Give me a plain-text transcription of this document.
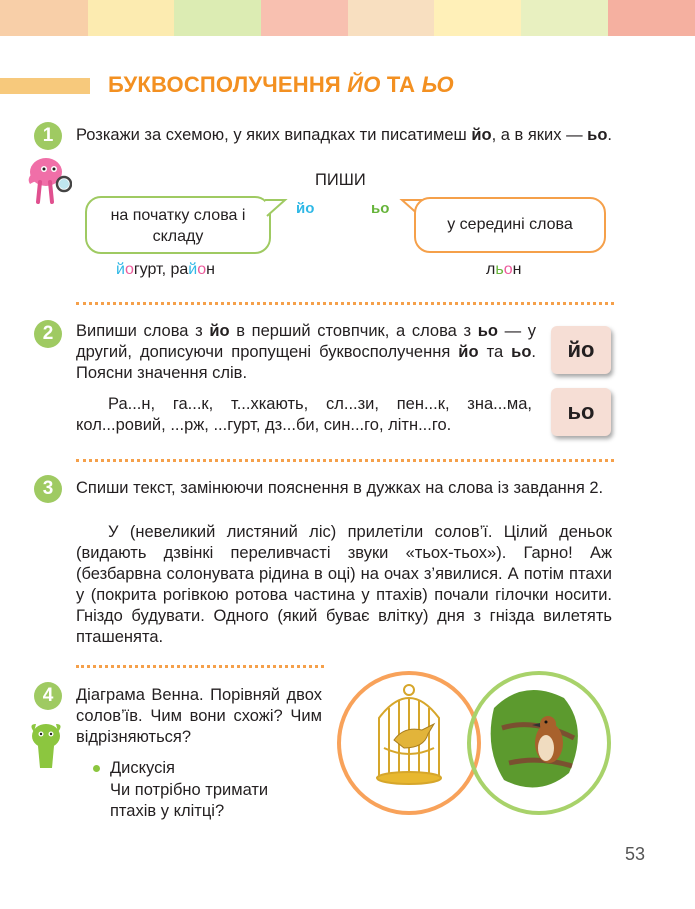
БУКВОСПОЛУЧЕННЯ ЙО ТА ЬО
1	Розкажи за схемою, у яких випадках ти писатимеш йо, а в яких — ьо.
ПИШИ
на початку слова і складу
йо	ьо
у середині слова
йогурт, район	льон
2	Випиши слова з йо в перший стовпчик, а слова з ьо — у другий, дописуючи пропущені буквосполучення йо та ьо. Поясни значення слів.
Ра...н, га...к, т...хкають, сл...зи, пен...к, зна...ма, кол...ровий, ...рж, ...гурт, дз...би, син...го, літн...го.
йо
ьо
3	Спиши текст, замінюючи пояснення в дужках на слова із завдання 2.
У (невеликий листяний ліс) прилетіли солов’ї. Цілий деньок (видають дзвінкі переливчасті звуки «тьох-тьох»). Гарно! Аж (безбарвна солонувата рідина в оці) на очах з’явилися. А потім птахи у (покрита рогівкою ротова частина у птахів) почали гілочки носити. Гніздо будувати. Одного (який буває влітку) дня з гнізда вилетять пташенята.
4	Діаграма Венна. Порівняй двох солов’їв. Чим вони схожі? Чим відрізняються?
Дискусія
Чи потрібно тримати птахів у клітці?
53
